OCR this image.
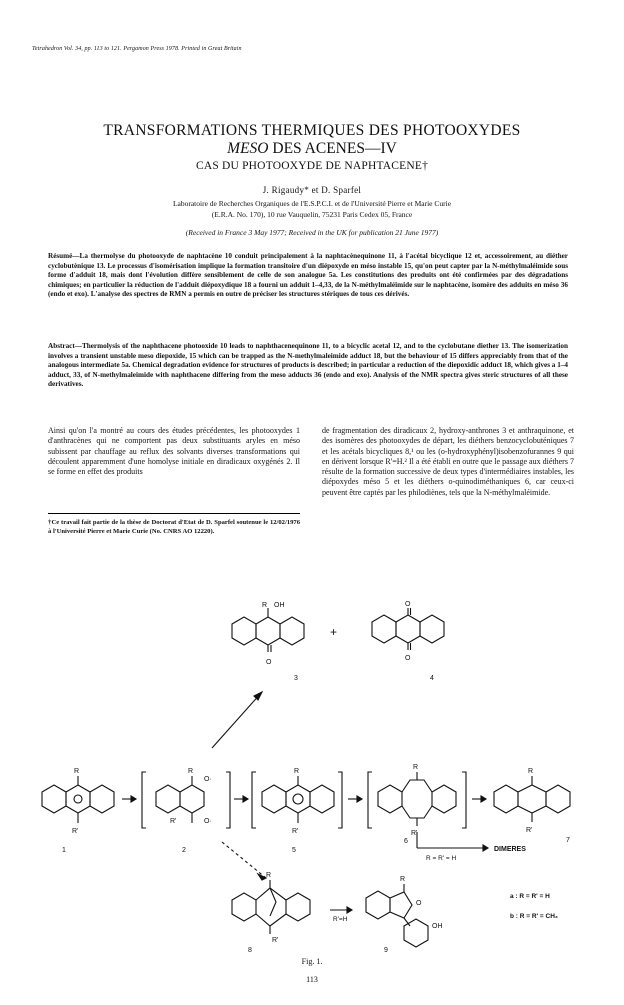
Tetrahedron Vol. 34, pp. 113 to 121. Pergamon Press 1978. Printed in Great Britain
TRANSFORMATIONS THERMIQUES DES PHOTOOXYDES
MESO DES ACENES—IV
CAS DU PHOTOOXYDE DE NAPHTACENE†
J. Rigaudy* et D. Sparfel
Laboratoire de Recherches Organiques de l'E.S.P.C.I. et de l'Université Pierre et Marie Curie
(E.R.A. No. 170), 10 rue Vauquelin, 75231 Paris Cedex 05, France
(Received in France 3 May 1977; Received in the UK for publication 21 June 1977)
Résumé—La thermolyse du photooxyde de naphtacène 10 conduit principalement à la naphtacènequinone 11, à l'acétal bicyclique 12 et, accessoirement, au diéther cyclobutènique 13. Le processus d'isomérisation implique la formation transitoire d'un diépoxyde en méso instable 15, qu'on peut capter par la N-méthylmaléimide sous forme d'adduit 18, mais dont l'évolution diffère sensiblement de celle de son analogue 5a. Les constitutions des produits ont été confirmées par des dégradations chimiques; en particulier la réduction de l'adduit diépoxydique 18 a fourni un adduit 1–4,33, de la N-méthylmaléimide sur le naphtacène, isomère des adduits en méso 36 (endo et exo). L'analyse des spectres de RMN a permis en outre de préciser les structures stériques de tous ces dérivés.
Abstract—Thermolysis of the naphthacene photooxide 10 leads to naphthacenequinone 11, to a bicyclic acetal 12, and to the cyclobutane diether 13. The isomerization involves a transient unstable meso diepoxide, 15 which can be trapped as the N-methylmaleimide adduct 18, but the behaviour of 15 differs appreciably from that of the analogous intermediate 5a. Chemical degradation evidence for structures of products is described; in particular a reduction of the diepoxidic adduct 18, which gives a 1–4 adduct, 33, of N-methylmaleimide with naphthacene differing from the meso adducts 36 (endo and exo). Analysis of the NMR spectra gives steric structures of all these derivatives.
Ainsi qu'on l'a montré au cours des études précédentes, les photooxydes 1 d'anthracènes qui ne comportent pas deux substituants aryles en méso subissent par chauffage au reflux des solvants diverses transformations qui découlent apparemment d'une homolyse initiale en diradicaux oxygénés 2. Il se forme en effet des produits
de fragmentation des diradicaux 2, hydroxy-anthrones 3 et anthraquinone, et des isomères des photooxydes de départ, les diéthers benzocyclobuténiques 7 et les acétals bicycliques 8,¹ ou les (o-hydroxyphényl)isobenzofurannes 9 qui en dérivent lorsque R'=H.² Il a été établi en outre que le passage aux diéthers 7 résulte de la formation successive de deux types d'intermédiaires instables, les diépoxydes méso 5 et les diéthers o-quinodiméthaniques 6, car ceux-ci peuvent être captés par les philodiènes, tels que la N-méthylmaléimide.
†Ce travail fait partie de la thèse de Doctorat d'Etat de D. Sparfel soutenue le 12/02/1976 à l'Université Pierre et Marie Curie (No. CNRS AO 12220).
R OH
O
3
+
O
O
4
R
R'
1
R
O·
R'	O·
2
R
R'
5
R
R'
6
R
R'
7
DIMERES
R = R' = H
R
R'
8
R'=H
R
O
OH
9
a : R = R' = H
b : R = R' = CH₃
Fig. 1.
113
